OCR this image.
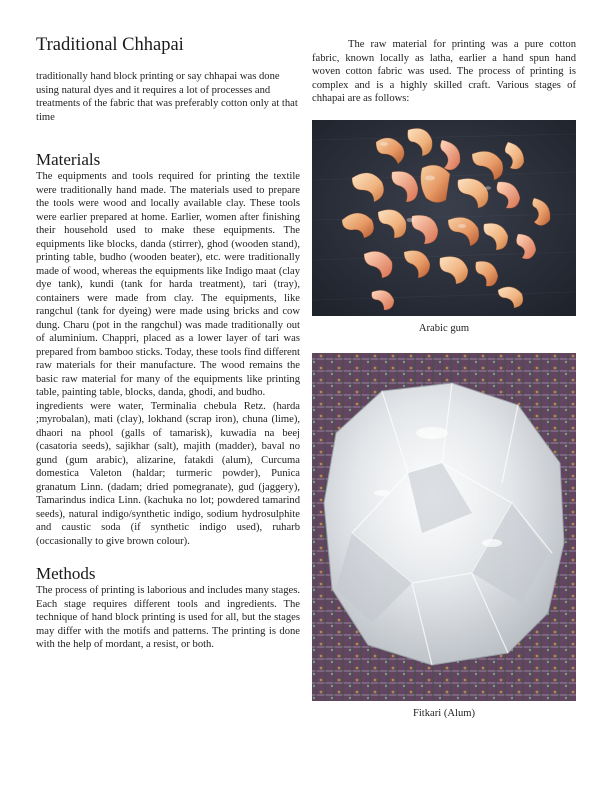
Traditional Chhapai

traditionally hand block printing or say chhapai was done using natural dyes and it requires a lot of processes and treatments of the fabric that was preferably cotton only at that time

Materials

The equipments and tools required for printing the textile were traditionally hand made. The materials used to prepare the tools were wood and locally available clay. These tools were earlier prepared at home. Earlier, women after finishing their household used to make these equipments. The equipments like blocks, danda (stirrer), ghod (wooden stand), printing table, budho (wooden beater), etc. were traditionally made of wood, whereas the equipments like Indigo maat (clay dye tank), kundi (tank for harda treatment), tari (tray), containers were made from clay. The equipments, like rangchul (tank for dyeing) were made using bricks and cow dung. Charu (pot in the rangchul) was made traditionally out of aluminium. Chappri, placed as a lower layer of tari was prepared from bamboo sticks. Today, these tools find different raw materials for their manufacture. The wood remains the basic raw material for many of the equipments like printing table, painting table, blocks, danda, ghodi, and budho.

ingredients were water, Terminalia chebula Retz. (harda ;myrobalan), mati (clay), lokhand (scrap iron), chuna (lime), dhaori na phool (galls of tamarisk), kuwadia na beej (casatoria seeds), sajikhar (salt), majith (madder), baval no gund (gum arabic), alizarine, fatakdi (alum), Curcuma domestica Valeton (haldar; turmeric powder), Punica granatum Linn. (dadam; dried pomegranate), gud (jaggery), Tamarindus indica Linn. (kachuka no lot; powdered tamarind seeds), natural indigo/synthetic indigo, sodium hydrosulphite and caustic soda (if synthetic indigo used), ruharb (occasionally to give brown colour).

Methods

The process of printing is laborious and includes many stages. Each stage requires different tools and ingredients. The technique of hand block printing is used for all, but the stages may differ with the motifs and patterns. The printing is done with the help of mordant, a resist, or both.

The raw material for printing was a pure cotton fabric, known locally as latha, earlier a hand spun hand woven cotton fabric was used. The process of printing is complex and is a highly skilled craft. Various stages of chhapai are as follows:

Arabic gum
Fitkari (Alum)
